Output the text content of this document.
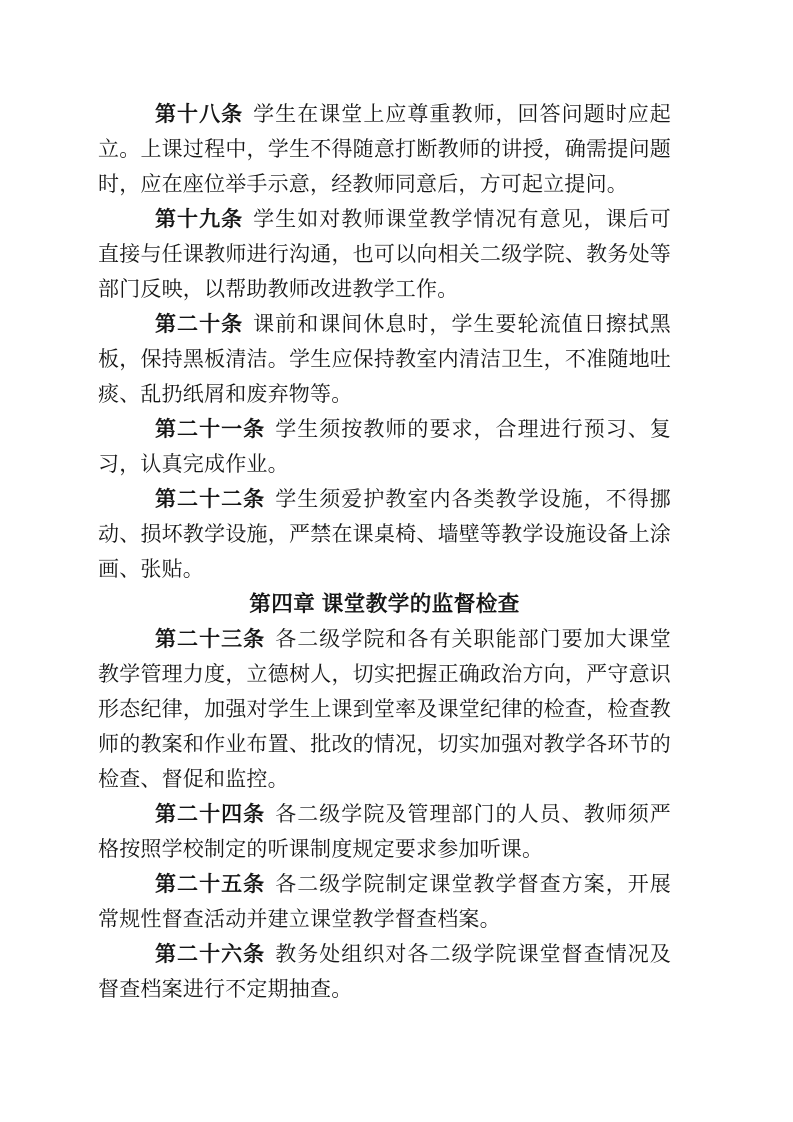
第十八条 学生在课堂上应尊重教师，回答问题时应起立。上课过程中，学生不得随意打断教师的讲授，确需提问题时，应在座位举手示意，经教师同意后，方可起立提问。

第十九条 学生如对教师课堂教学情况有意见，课后可直接与任课教师进行沟通，也可以向相关二级学院、教务处等部门反映，以帮助教师改进教学工作。

第二十条 课前和课间休息时，学生要轮流值日擦拭黑板，保持黑板清洁。学生应保持教室内清洁卫生，不准随地吐痰、乱扔纸屑和废弃物等。

第二十一条 学生须按教师的要求，合理进行预习、复习，认真完成作业。

第二十二条 学生须爱护教室内各类教学设施，不得挪动、损坏教学设施，严禁在课桌椅、墙壁等教学设施设备上涂画、张贴。

第四章 课堂教学的监督检查

第二十三条 各二级学院和各有关职能部门要加大课堂教学管理力度，立德树人，切实把握正确政治方向，严守意识形态纪律，加强对学生上课到堂率及课堂纪律的检查，检查教师的教案和作业布置、批改的情况，切实加强对教学各环节的检查、督促和监控。

第二十四条 各二级学院及管理部门的人员、教师须严格按照学校制定的听课制度规定要求参加听课。

第二十五条 各二级学院制定课堂教学督查方案，开展常规性督查活动并建立课堂教学督查档案。

第二十六条 教务处组织对各二级学院课堂督查情况及督查档案进行不定期抽查。
